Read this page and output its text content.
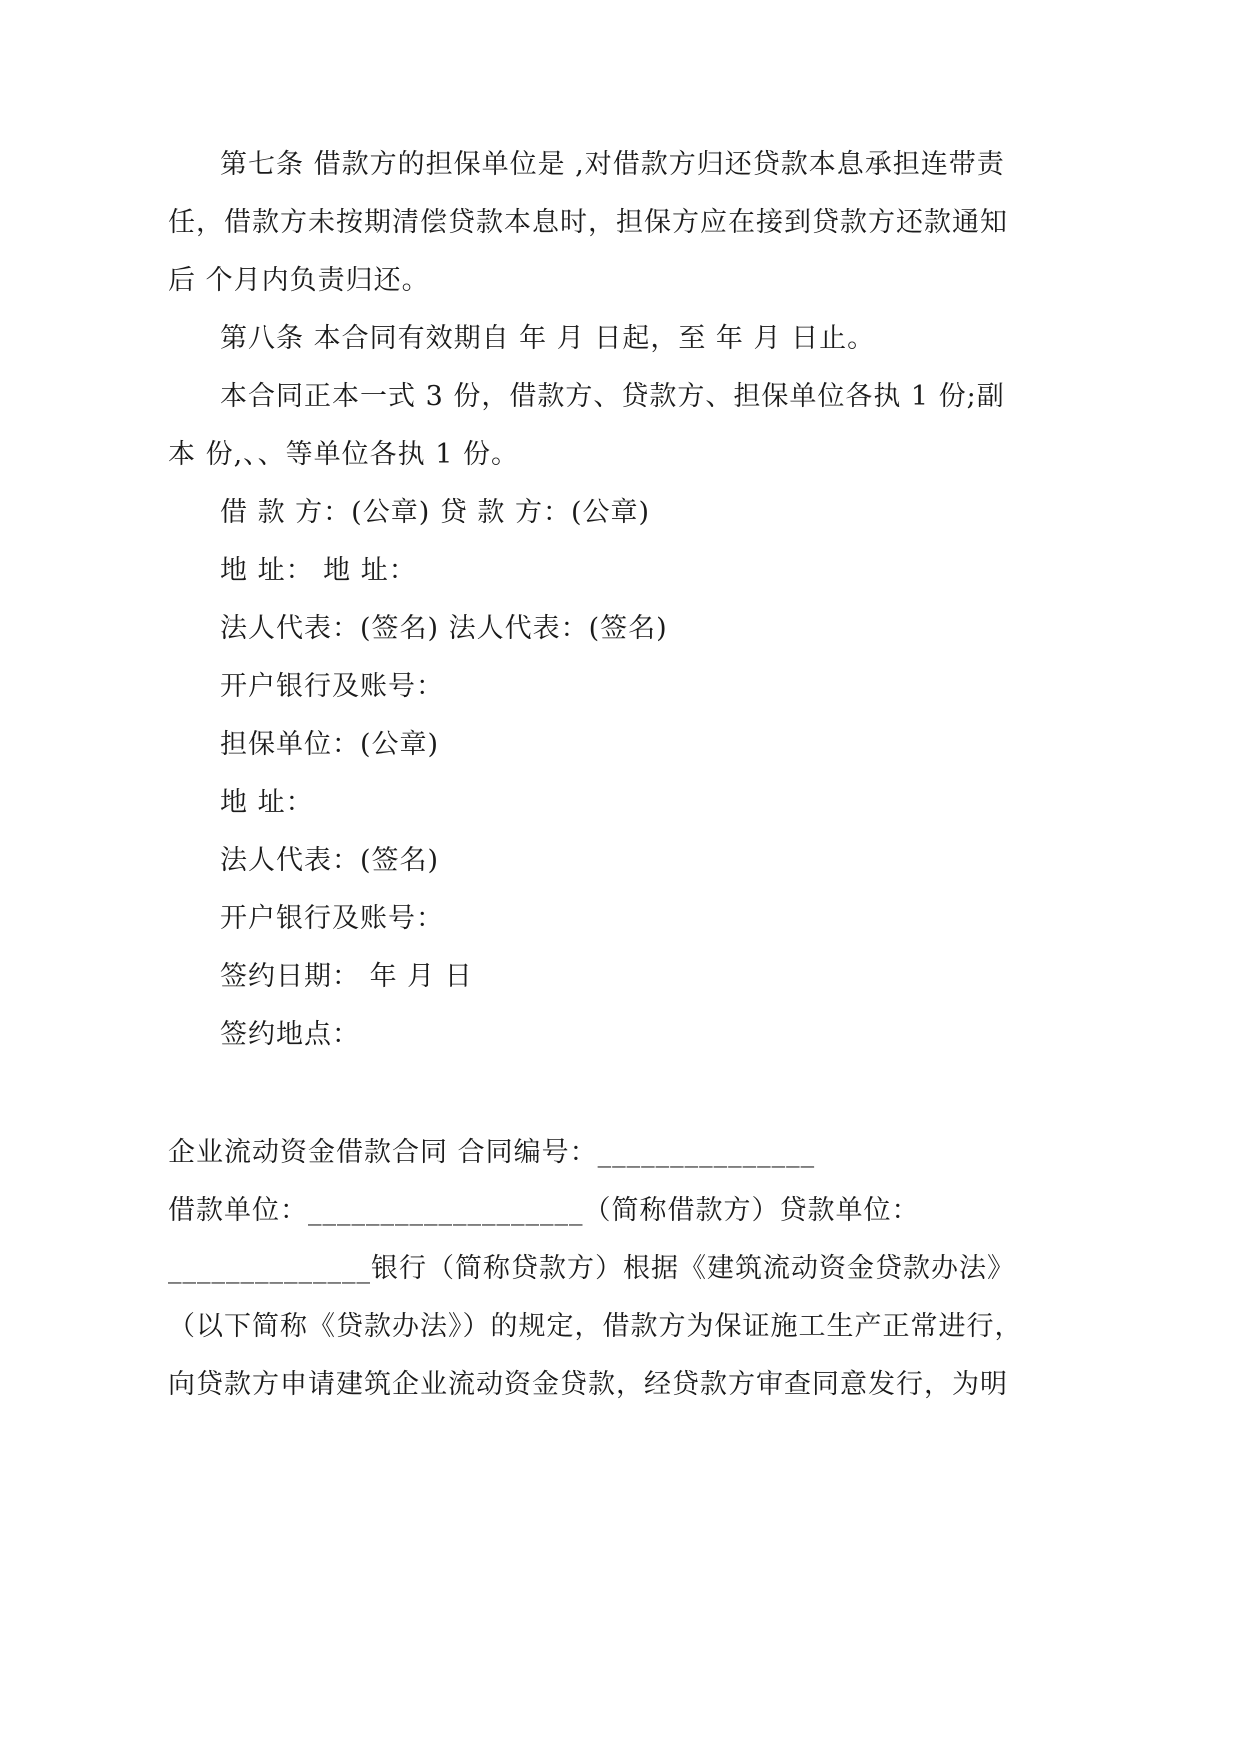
第七条 借款方的担保单位是 ,对借款方归还贷款本息承担连带责
任，借款方未按期清偿贷款本息时，担保方应在接到贷款方还款通知
后 个月内负责归还。
第八条 本合同有效期自 年 月 日起，至 年 月 日止。
本合同正本一式 3 份，借款方、贷款方、担保单位各执 1 份;副
本 份,、、等单位各执 1 份。
借 款 方：(公章) 贷 款 方：(公章)
地 址： 地 址：
法人代表：(签名) 法人代表：(签名)
开户银行及账号：
担保单位：(公章)
地 址：
法人代表：(签名)
开户银行及账号：
签约日期： 年 月 日
签约地点：
企业流动资金借款合同 合同编号：_______________
借款单位：___________________（简称借款方）贷款单位：
______________银行（简称贷款方）根据《建筑流动资金贷款办法》
（以下简称《贷款办法》）的规定，借款方为保证施工生产正常进行，
向贷款方申请建筑企业流动资金贷款，经贷款方审查同意发行，为明
